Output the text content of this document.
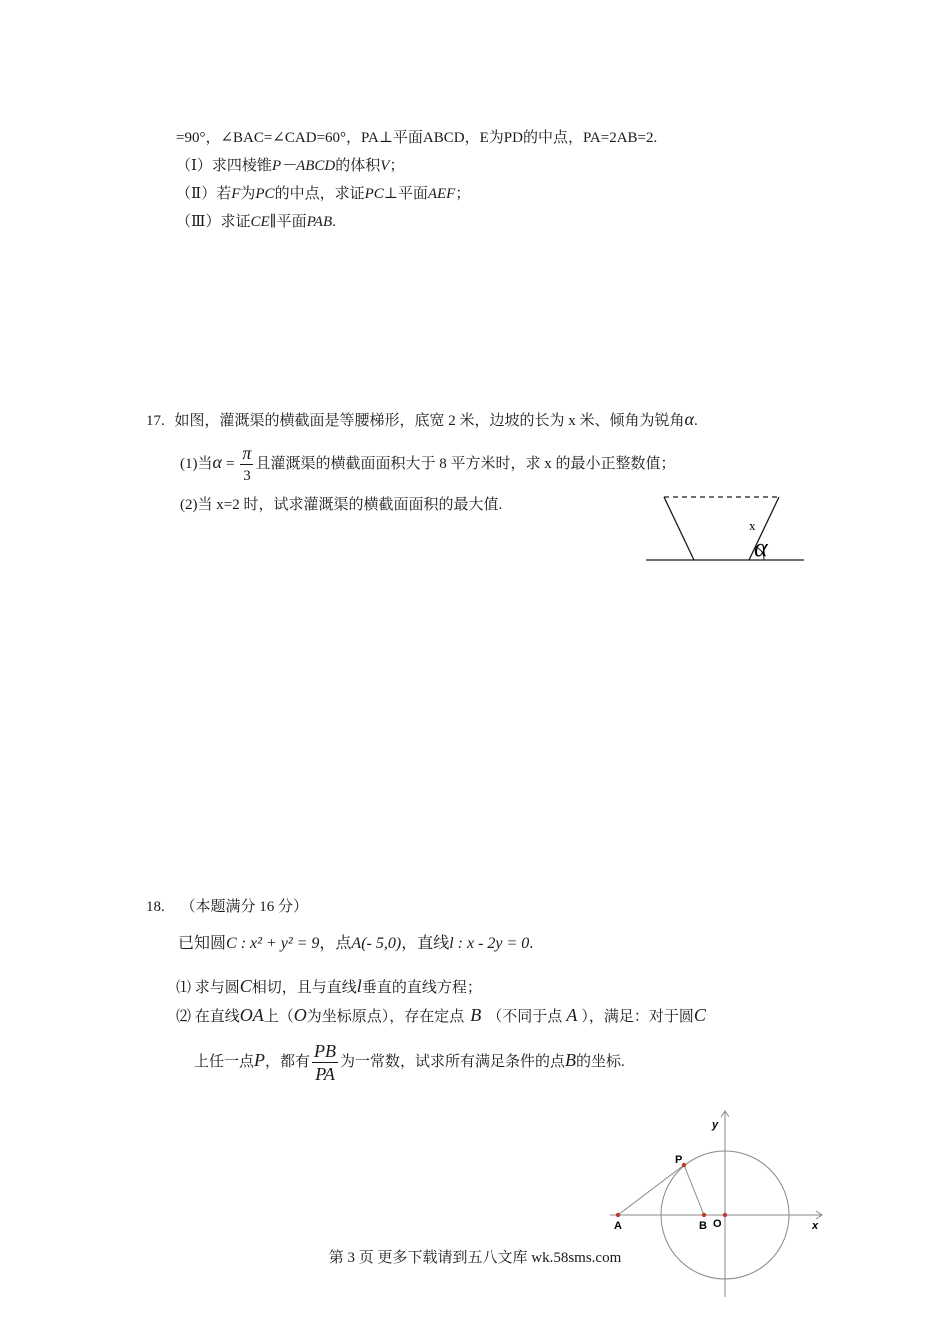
=90°，∠BAC=∠CAD=60°，PA⊥平面ABCD，E为PD的中点，PA=2AB=2.
（Ⅰ）求四棱锥P－ABCD的体积V；
（Ⅱ）若F为PC的中点，求证PC⊥平面AEF；
（Ⅲ）求证CE∥平面PAB.
17. 如图，灌溉渠的横截面是等腰梯形，底宽 2 米，边坡的长为 x 米、倾角为锐角α.
(1)当$\alpha = \frac{\pi}{3}$ 且灌溉渠的横截面面积大于 8 平方米时，求 x 的最小正整数值；
(2)当 x=2 时，试求灌溉渠的横截面面积的最大值.
x
α
18. （本题满分 16 分）
已知圆C : x² + y² = 9，点A(- 5,0)，直线l : x - 2y = 0.
⑴ 求与圆C相切，且与直线l垂直的直线方程；
⑵ 在直线OA上（O为坐标原点），存在定点 B （不同于点 A ），满足：对于圆C
上任一点P，都有 $\frac{PB}{PA}$ 为一常数，试求所有满足条件的点B的坐标.
y
x
P
A	B O
第 3 页 更多下载请到五八文库 wk.58sms.com
